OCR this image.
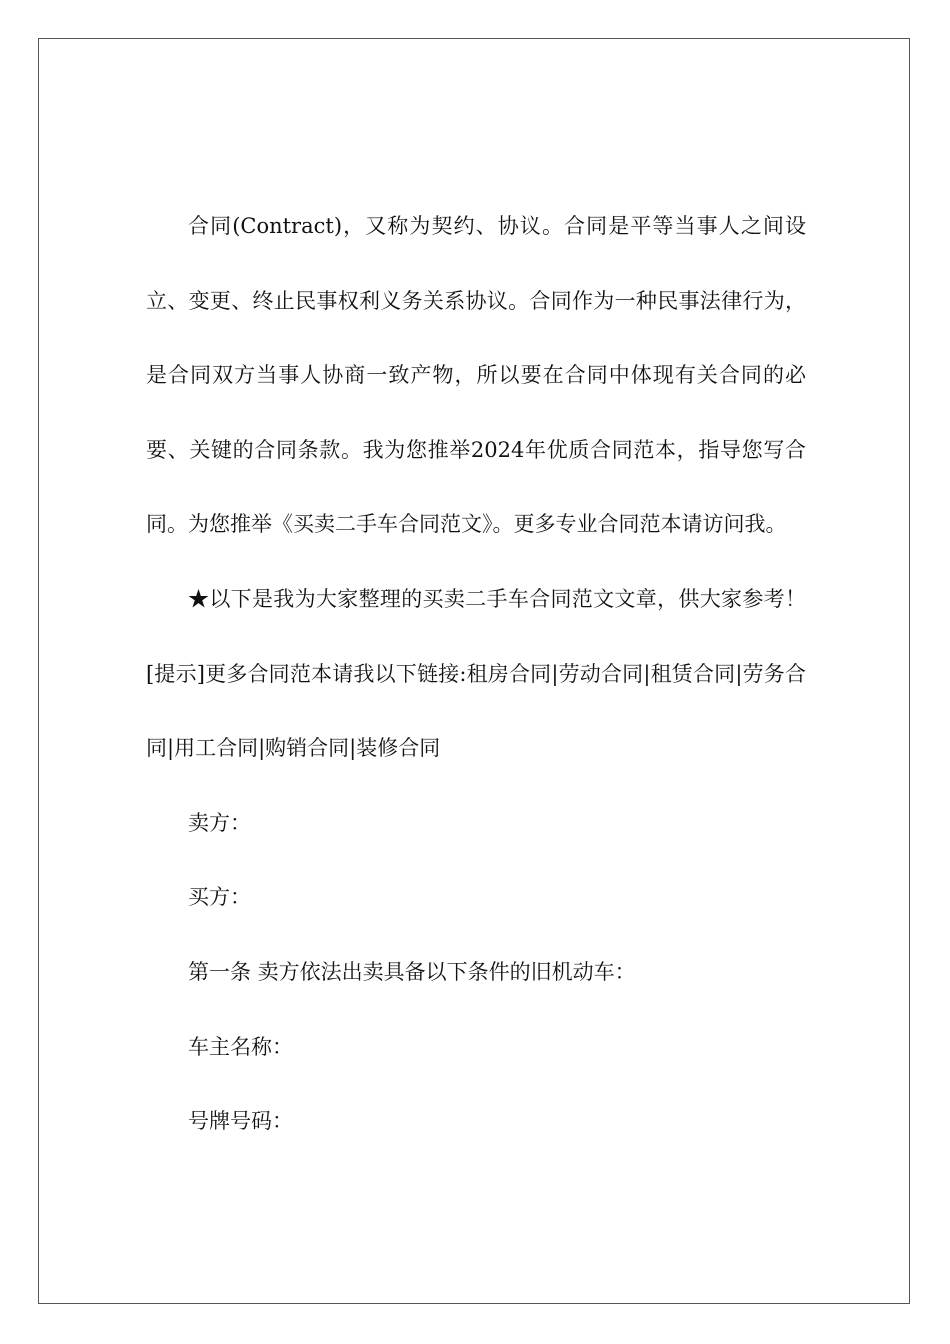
合同(Contract)，又称为契约、协议。合同是平等当事人之间设立、变更、终止民事权利义务关系协议。合同作为一种民事法律行为，是合同双方当事人协商一致产物，所以要在合同中体现有关合同的必要、关键的合同条款。我为您推举2024年优质合同范本，指导您写合同。为您推举《买卖二手车合同范文》。更多专业合同范本请访问我。

★以下是我为大家整理的买卖二手车合同范文文章，供大家参考！[提示]更多合同范本请我以下链接:租房合同|劳动合同|租赁合同|劳务合同|用工合同|购销合同|装修合同

卖方：

买方：

第一条 卖方依法出卖具备以下条件的旧机动车：

车主名称：

号牌号码：
